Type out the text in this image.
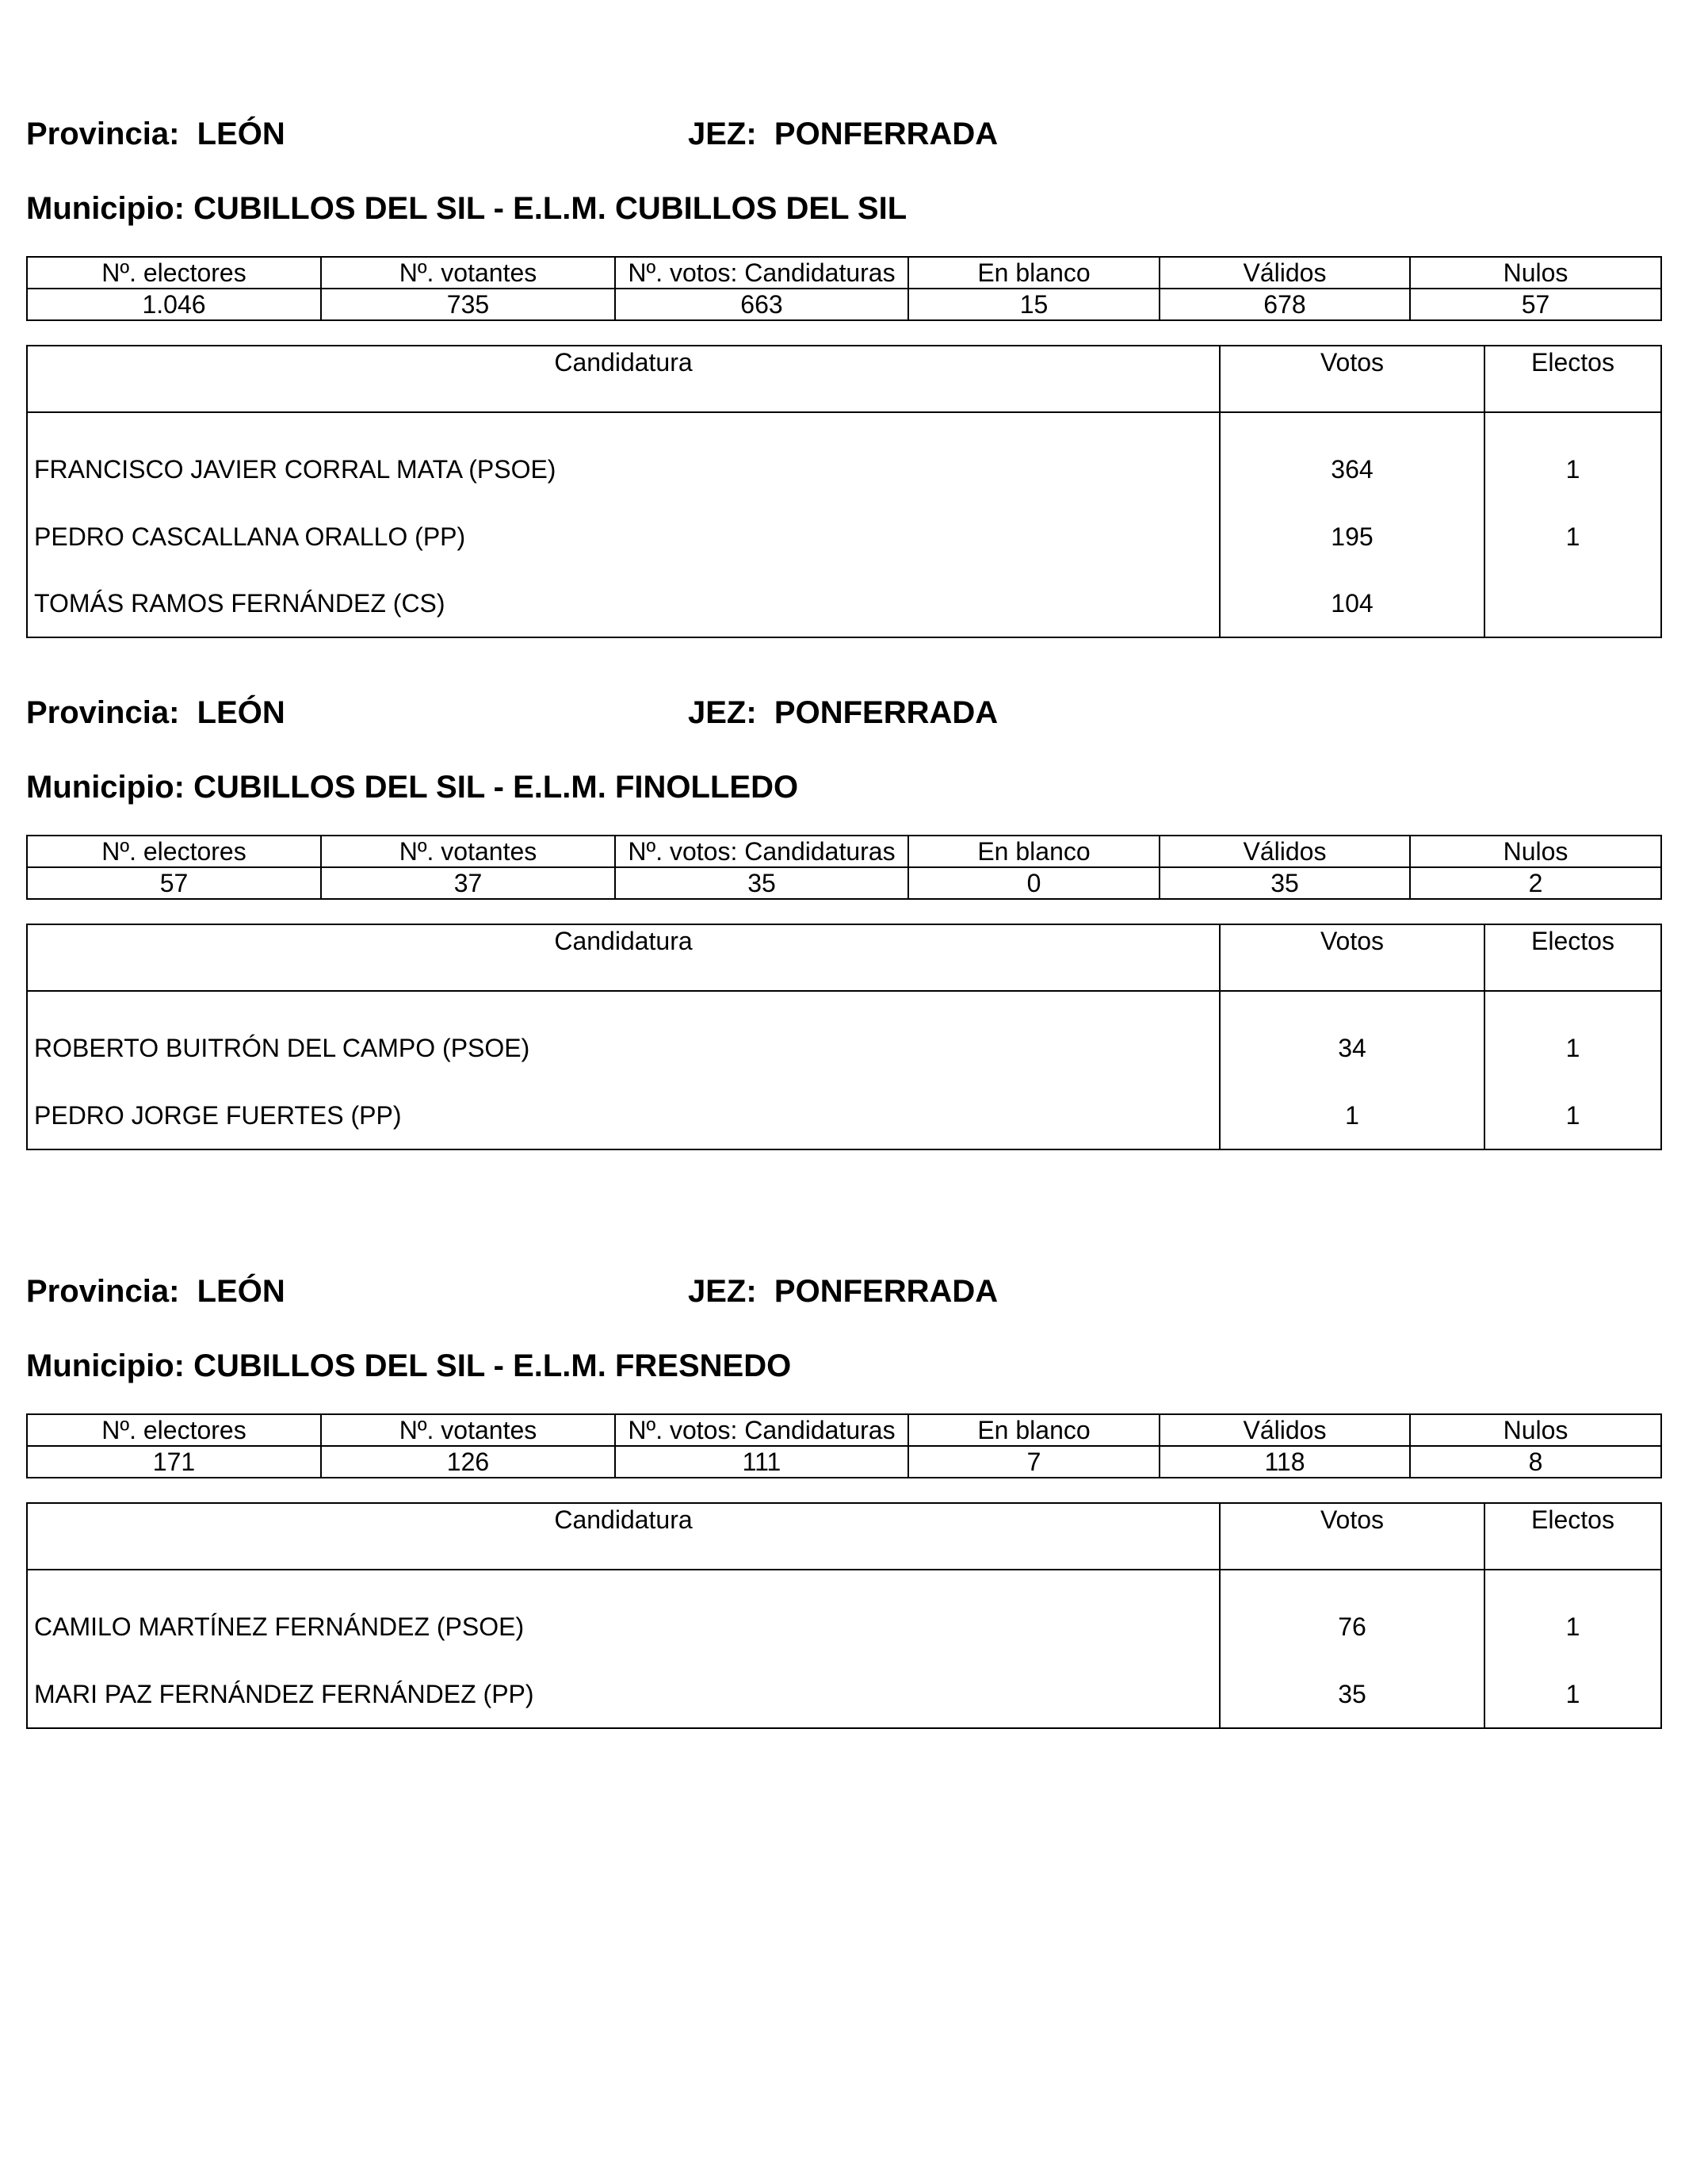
Provincia: LEÓN	JEZ: PONFERRADA
Municipio: CUBILLOS DEL SIL - E.L.M. CUBILLOS DEL SIL
Nº. electores	Nº. votantes	Nº. votos: Candidaturas	En blanco	Válidos	Nulos
1.046	735	663	15	678	57
Candidatura	Votos	Electos
FRANCISCO JAVIER CORRAL MATA (PSOE)	364	1
PEDRO CASCALLANA ORALLO (PP)	195	1
TOMÁS RAMOS FERNÁNDEZ (CS)	104	
Provincia: LEÓN	JEZ: PONFERRADA
Municipio: CUBILLOS DEL SIL - E.L.M. FINOLLEDO
Nº. electores	Nº. votantes	Nº. votos: Candidaturas	En blanco	Válidos	Nulos
57	37	35	0	35	2
Candidatura	Votos	Electos
ROBERTO BUITRÓN DEL CAMPO (PSOE)	34	1
PEDRO JORGE FUERTES (PP)	1	1
Provincia: LEÓN	JEZ: PONFERRADA
Municipio: CUBILLOS DEL SIL - E.L.M. FRESNEDO
Nº. electores	Nº. votantes	Nº. votos: Candidaturas	En blanco	Válidos	Nulos
171	126	111	7	118	8
Candidatura	Votos	Electos
CAMILO MARTÍNEZ FERNÁNDEZ (PSOE)	76	1
MARI PAZ FERNÁNDEZ FERNÁNDEZ (PP)	35	1
